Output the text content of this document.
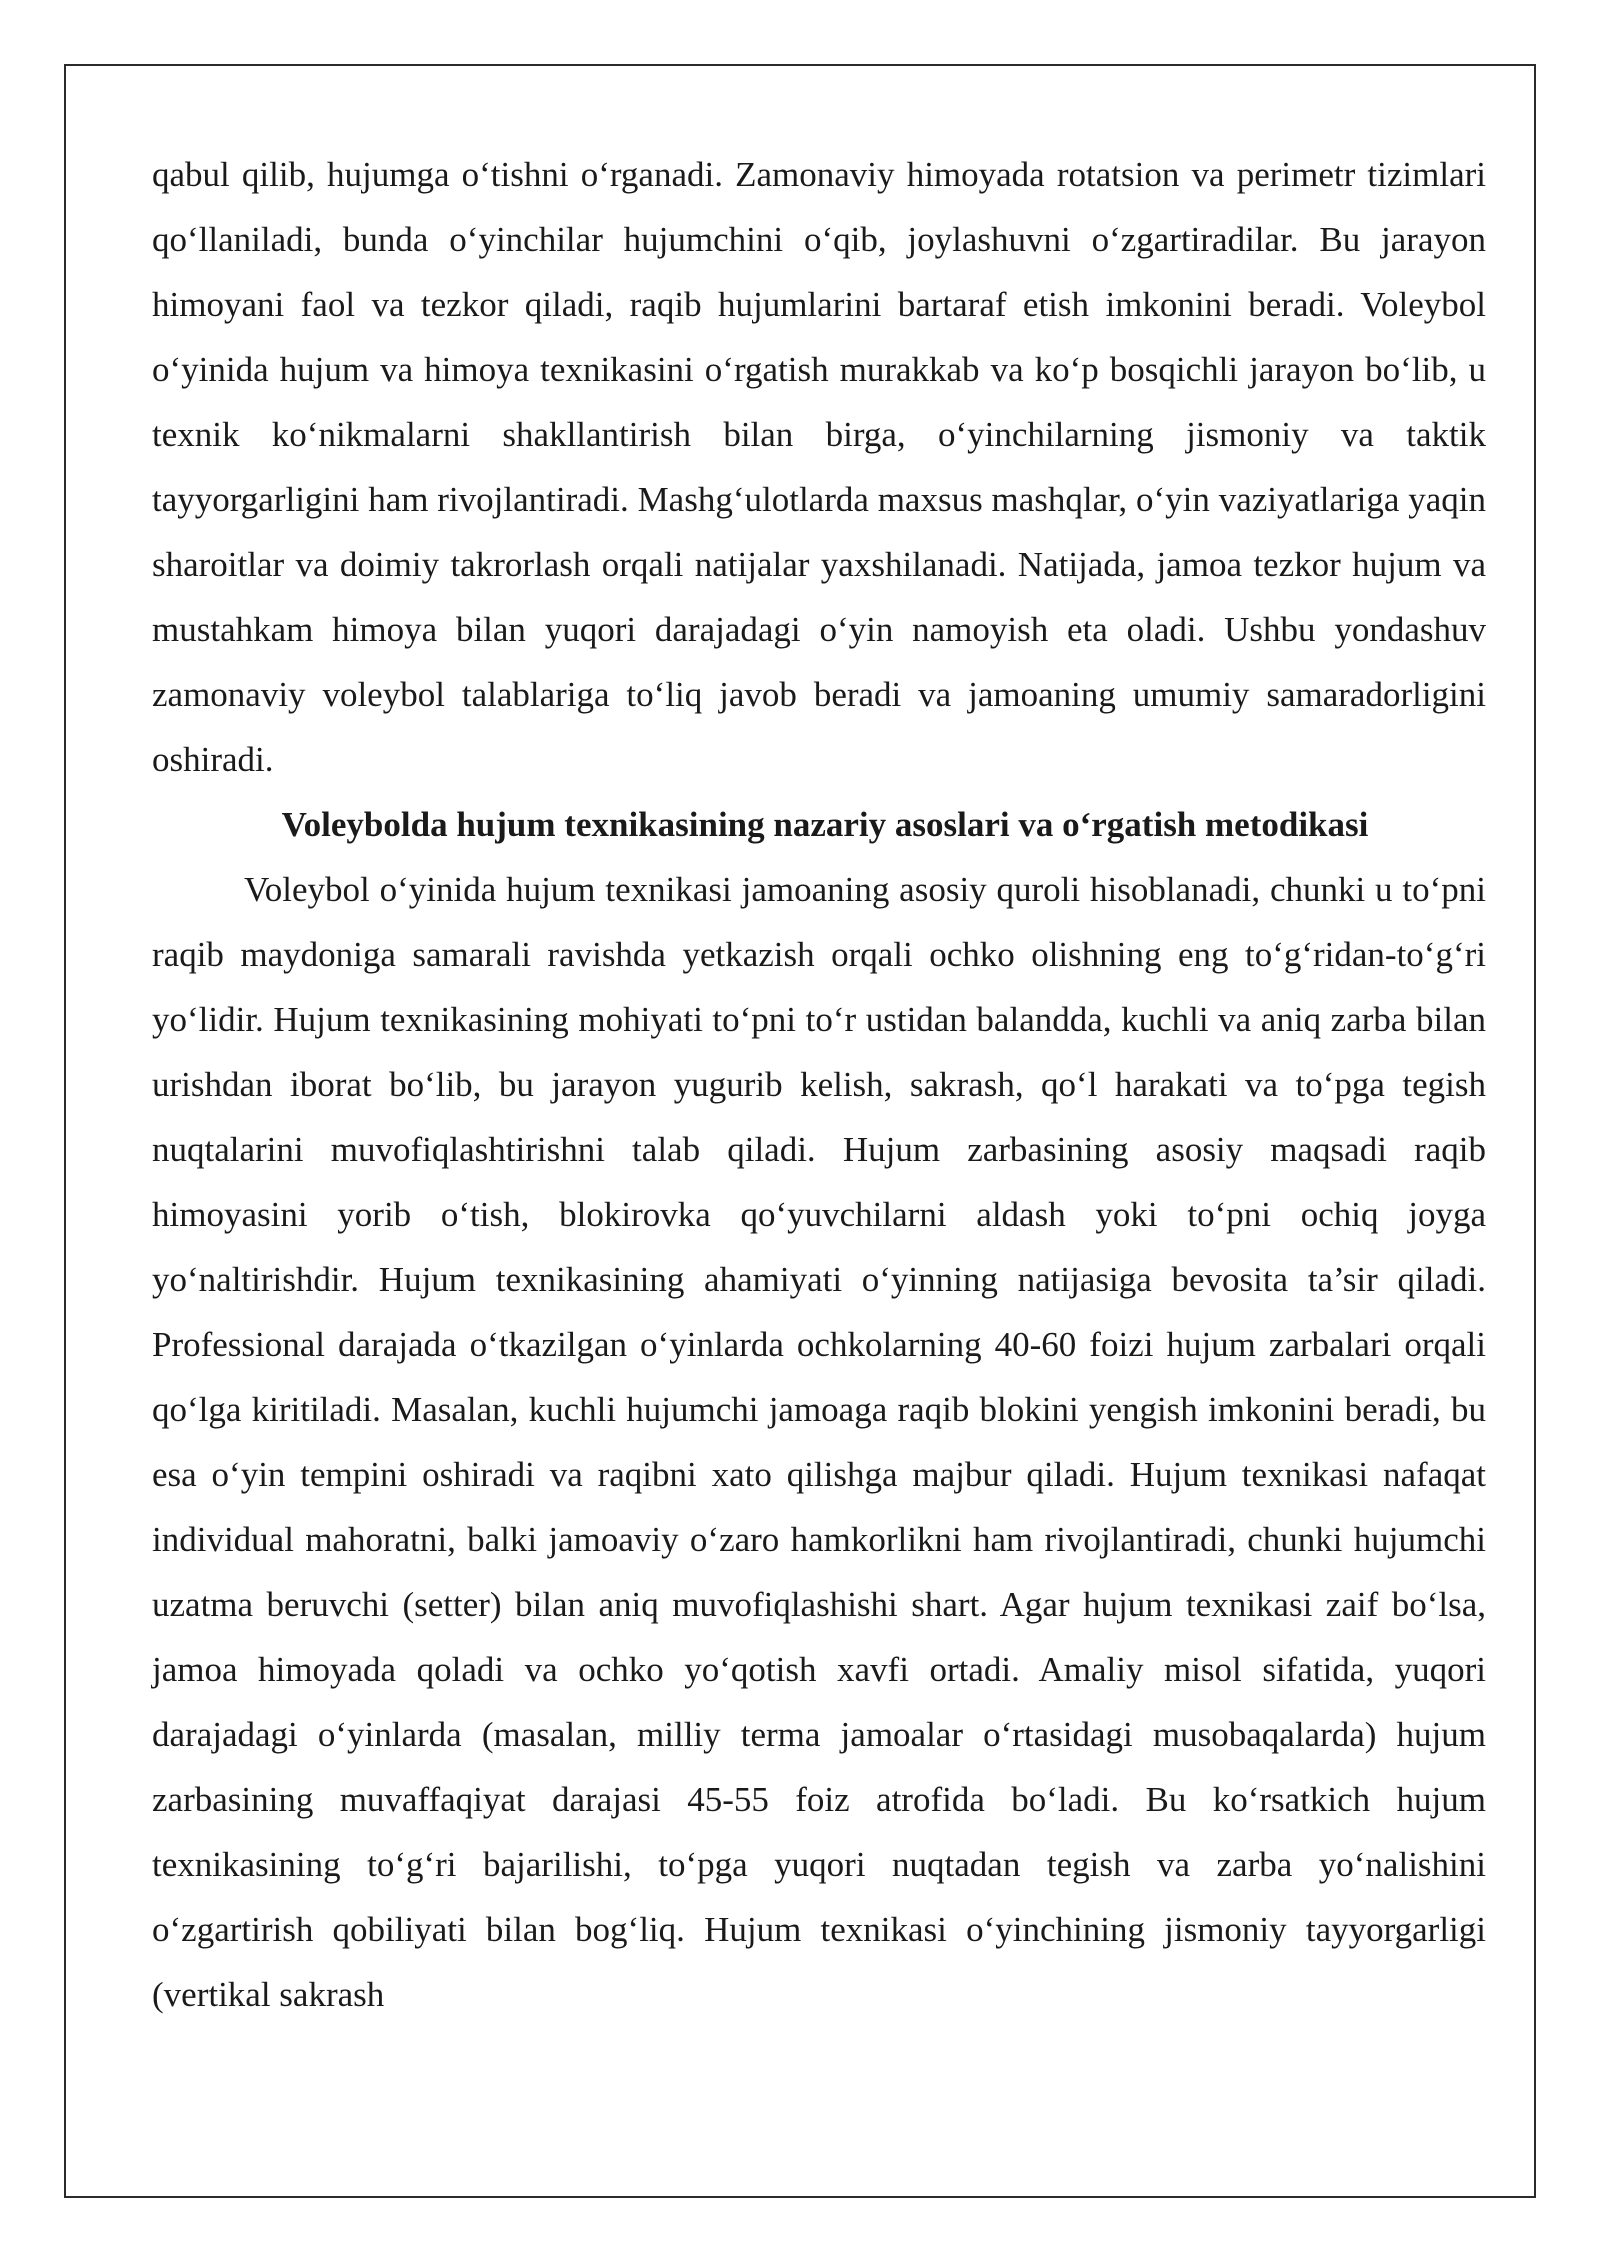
qabul qilib, hujumga o‘tishni o‘rganadi. Zamonaviy himoyada rotatsion va perimetr tizimlari qo‘llaniladi, bunda o‘yinchilar hujumchini o‘qib, joylashuvni o‘zgartiradilar. Bu jarayon himoyani faol va tezkor qiladi, raqib hujumlarini bartaraf etish imkonini beradi. Voleybol o‘yinida hujum va himoya texnikasini o‘rgatish murakkab va ko‘p bosqichli jarayon bo‘lib, u texnik ko‘nikmalarni shakllantirish bilan birga, o‘yinchilarning jismoniy va taktik tayyorgarligini ham rivojlantiradi. Mashg‘ulotlarda maxsus mashqlar, o‘yin vaziyatlariga yaqin sharoitlar va doimiy takrorlash orqali natijalar yaxshilanadi. Natijada, jamoa tezkor hujum va mustahkam himoya bilan yuqori darajadagi o‘yin namoyish eta oladi. Ushbu yondashuv zamonaviy voleybol talablariga to‘liq javob beradi va jamoaning umumiy samaradorligini oshiradi.

Voleybolda hujum texnikasining nazariy asoslari va o‘rgatish metodikasi

Voleybol o‘yinida hujum texnikasi jamoaning asosiy quroli hisoblanadi, chunki u to‘pni raqib maydoniga samarali ravishda yetkazish orqali ochko olishning eng to‘g‘ridan-to‘g‘ri yo‘lidir. Hujum texnikasining mohiyati to‘pni to‘r ustidan balandda, kuchli va aniq zarba bilan urishdan iborat bo‘lib, bu jarayon yugurib kelish, sakrash, qo‘l harakati va to‘pga tegish nuqtalarini muvofiqlashtirishni talab qiladi. Hujum zarbasining asosiy maqsadi raqib himoyasini yorib o‘tish, blokirovka qo‘yuvchilarni aldash yoki to‘pni ochiq joyga yo‘naltirishdir. Hujum texnikasining ahamiyati o‘yinning natijasiga bevosita ta’sir qiladi. Professional darajada o‘tkazilgan o‘yinlarda ochkolarning 40-60 foizi hujum zarbalari orqali qo‘lga kiritiladi. Masalan, kuchli hujumchi jamoaga raqib blokini yengish imkonini beradi, bu esa o‘yin tempini oshiradi va raqibni xato qilishga majbur qiladi. Hujum texnikasi nafaqat individual mahoratni, balki jamoaviy o‘zaro hamkorlikni ham rivojlantiradi, chunki hujumchi uzatma beruvchi (setter) bilan aniq muvofiqlashishi shart. Agar hujum texnikasi zaif bo‘lsa, jamoa himoyada qoladi va ochko yo‘qotish xavfi ortadi. Amaliy misol sifatida, yuqori darajadagi o‘yinlarda (masalan, milliy terma jamoalar o‘rtasidagi musobaqalarda) hujum zarbasining muvaffaqiyat darajasi 45-55 foiz atrofida bo‘ladi. Bu ko‘rsatkich hujum texnikasining to‘g‘ri bajarilishi, to‘pga yuqori nuqtadan tegish va zarba yo‘nalishini o‘zgartirish qobiliyati bilan bog‘liq. Hujum texnikasi o‘yinchining jismoniy tayyorgarligi (vertikal sakrash
